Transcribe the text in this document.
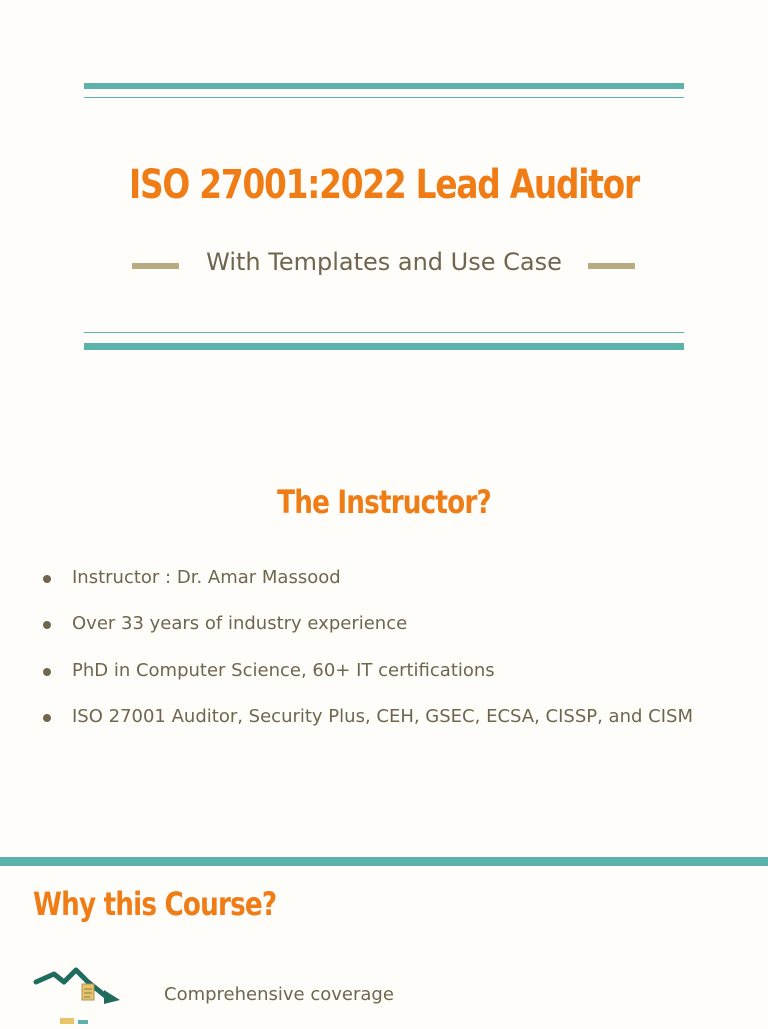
ISO 27001:2022 Lead Auditor
With Templates and Use Case
The Instructor?
Instructor : Dr. Amar Massood
Over 33 years of industry experience
PhD in Computer Science, 60+ IT certifications
ISO 27001 Auditor, Security Plus, CEH, GSEC, ECSA, CISSP, and CISM
Why this Course?
Comprehensive coverage
